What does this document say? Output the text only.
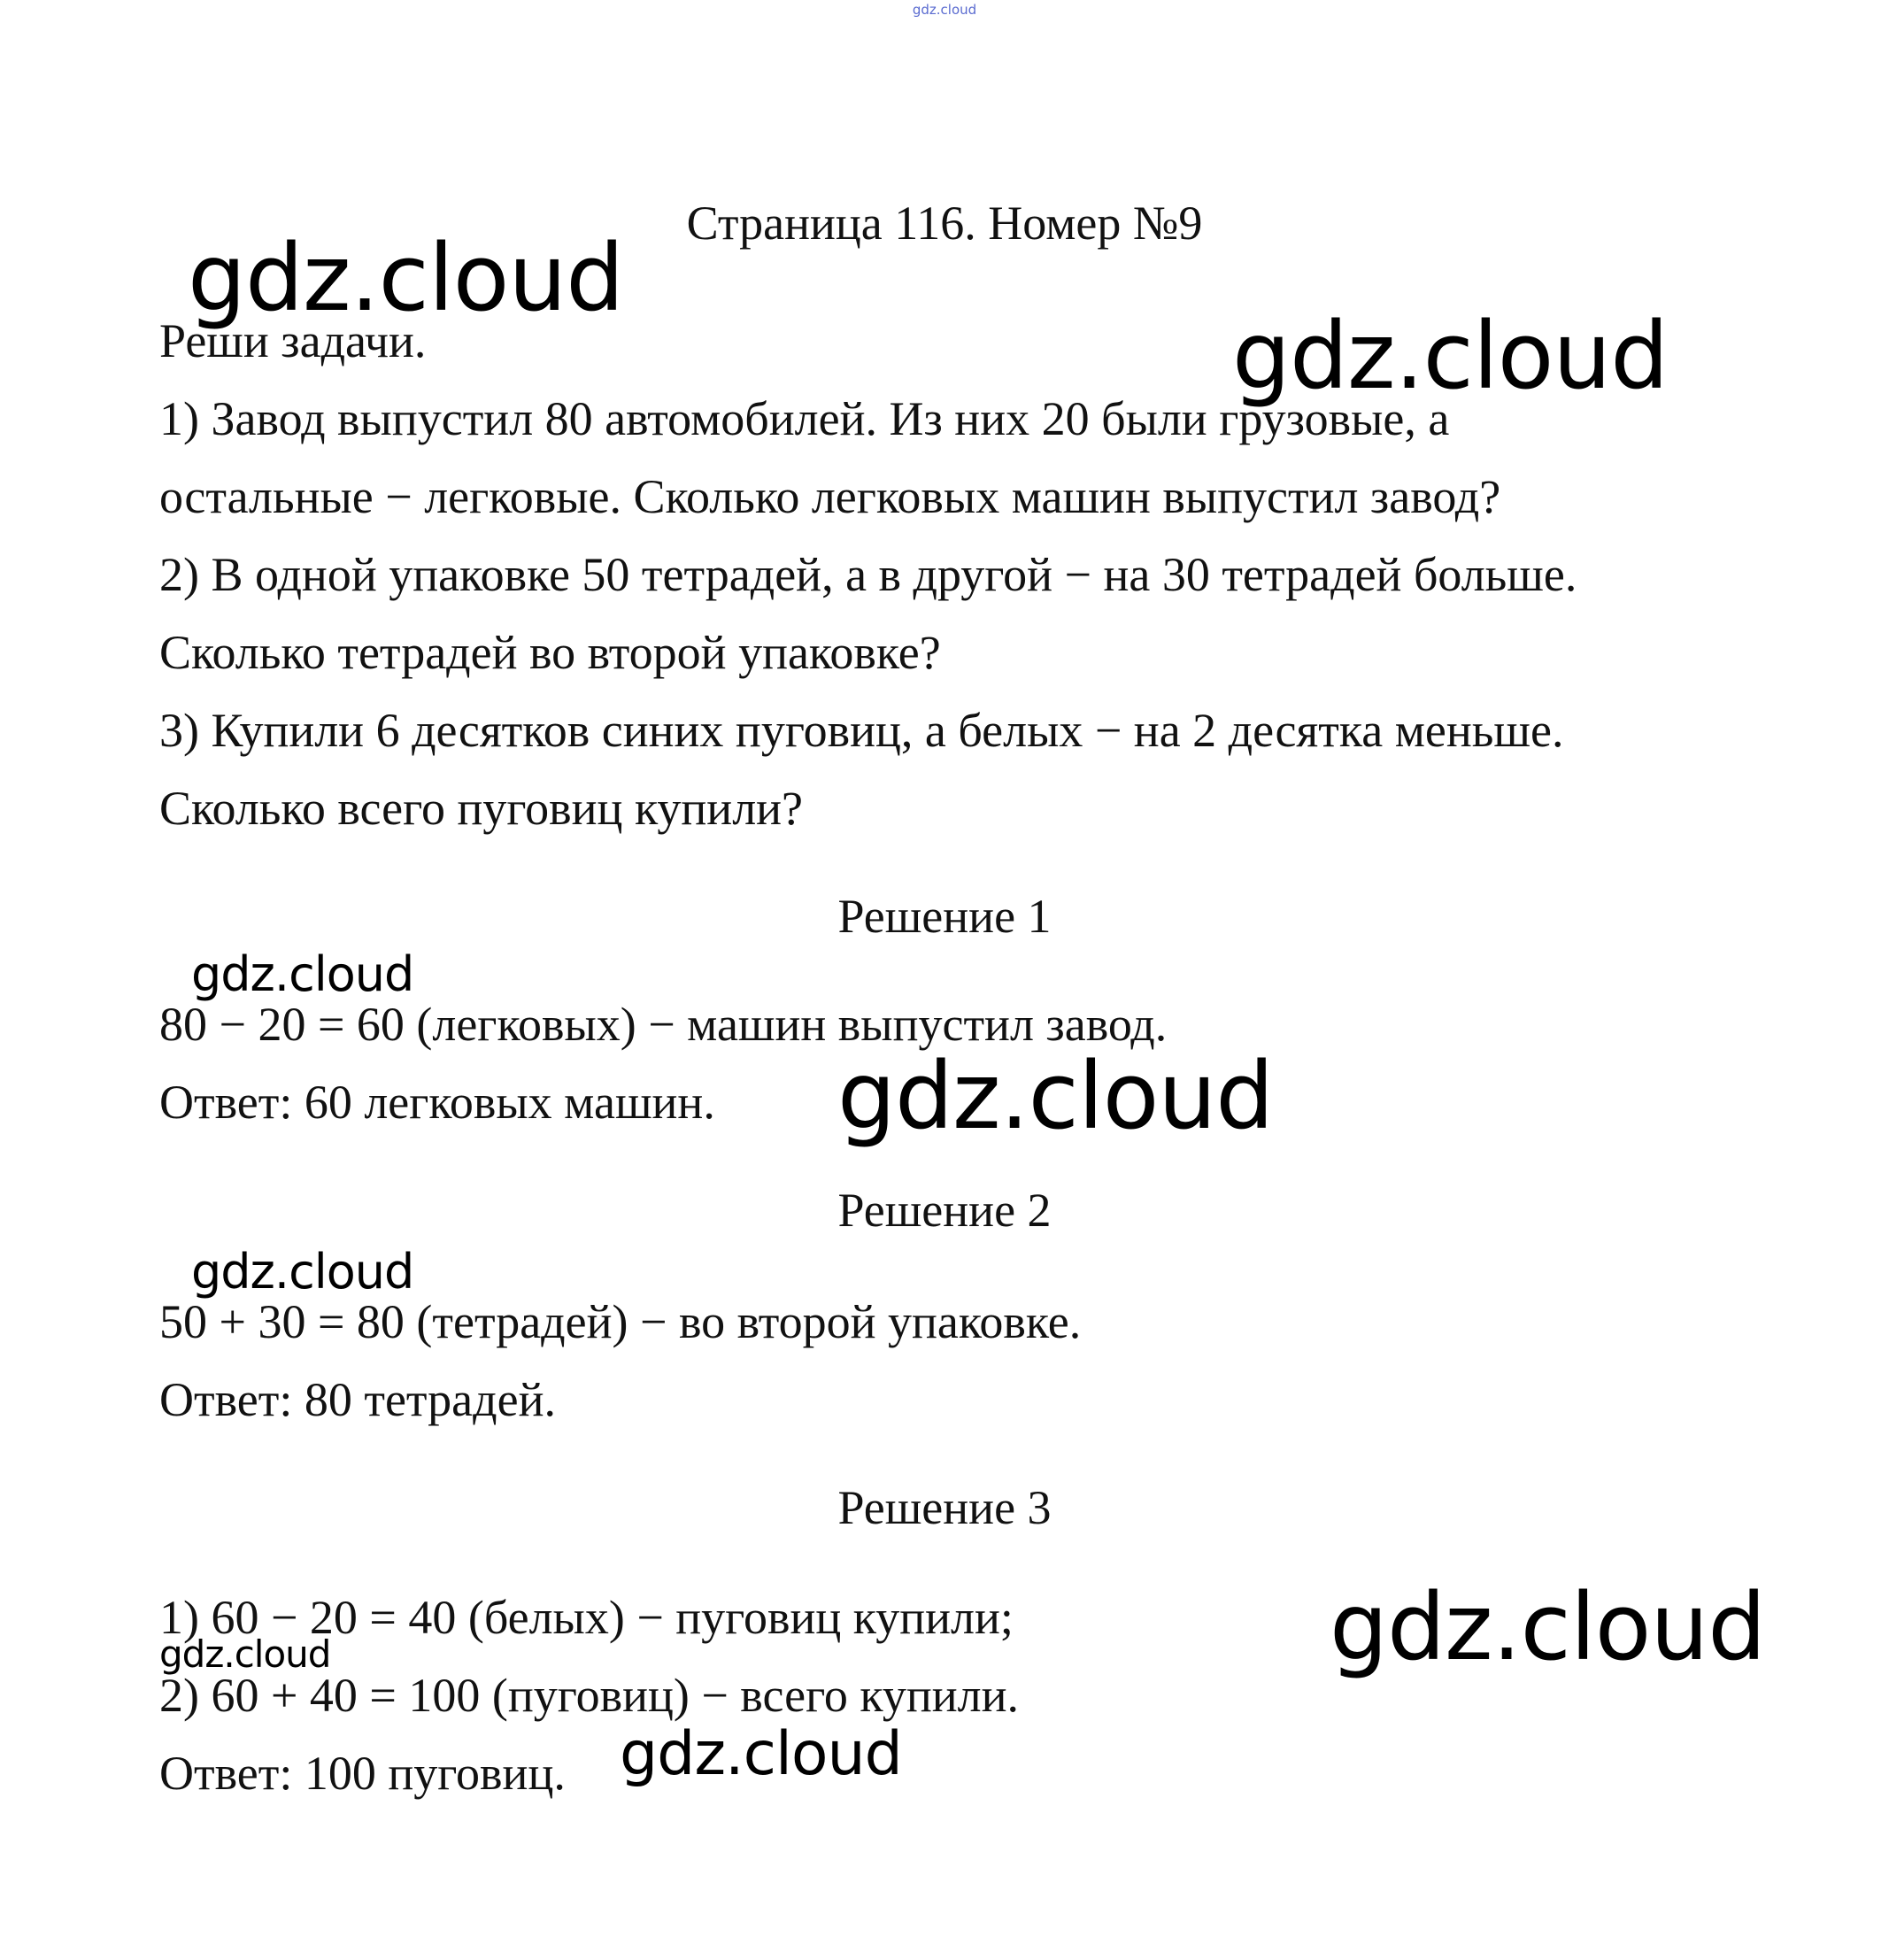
gdz.cloud
Страница 116. Номер №9
Реши задачи.
1) Завод выпустил 80 автомобилей. Из них 20 были грузовые, а
остальные − легковые. Сколько легковых машин выпустил завод?
2) В одной упаковке 50 тетрадей, а в другой − на 30 тетрадей больше.
Сколько тетрадей во второй упаковке?
3) Купили 6 десятков синих пуговиц, а белых − на 2 десятка меньше.
Сколько всего пуговиц купили?
Решение 1
80 − 20 = 60 (легковых) − машин выпустил завод.
Ответ: 60 легковых машин.
Решение 2
50 + 30 = 80 (тетрадей) − во второй упаковке.
Ответ: 80 тетрадей.
Решение 3
1) 60 − 20 = 40 (белых) − пуговиц купили;
2) 60 + 40 = 100 (пуговиц) − всего купили.
Ответ: 100 пуговиц.
gdz.cloud
gdz.cloud
gdz.cloud
gdz.cloud
gdz.cloud
gdz.cloud
gdz.cloud
gdz.cloud
